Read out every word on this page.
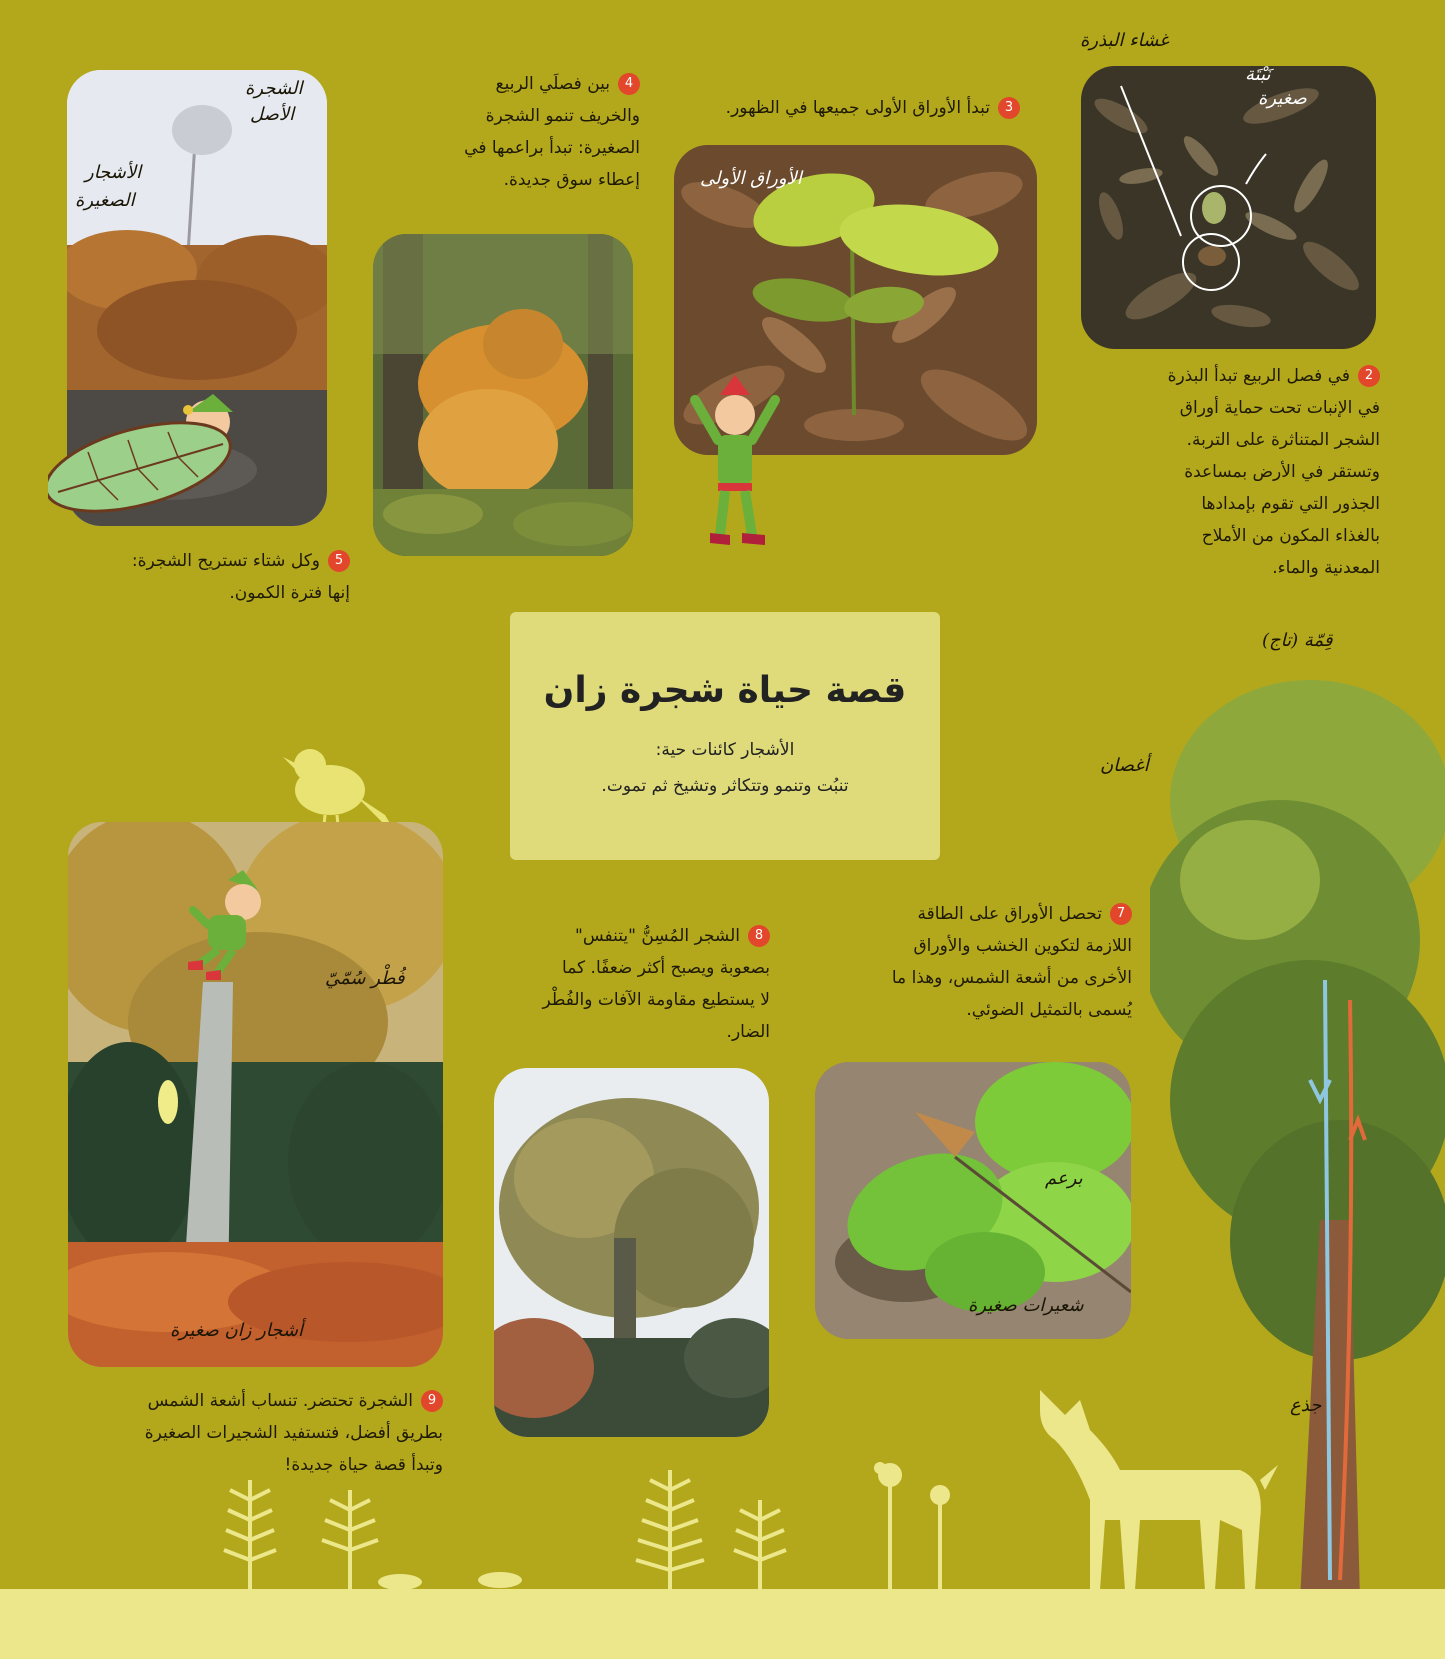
غشاء البذرة
نَبْتَة
صغيرة
2في فصل الربيع تبدأ البذرة
في الإنبات تحت حماية أوراق
الشجر المتناثرة على التربة.
وتستقر في الأرض بمساعدة
الجذور التي تقوم بإمدادها
بالغذاء المكون من الأملاح
المعدنية والماء.
3تبدأ الأوراق الأولى جميعها في الظهور.
الأوراق الأولى
4بين فصلَي الربيع
والخريف تنمو الشجرة
الصغيرة: تبدأ براعمها في
إعطاء سوق جديدة.
الشجرة
الأصل
الأشجار
الصغيرة
5وكل شتاء تستريح الشجرة:
إنها فترة الكمون.
قصة حياة شجرة زان
الأشجار كائنات حية:
تنبُت وتنمو وتتكاثر وتشيخ ثم تموت.
قِمّة (تاج)
أغصان
جذع
7تحصل الأوراق على الطاقة
اللازمة لتكوين الخشب والأوراق
الأخرى من أشعة الشمس، وهذا ما
يُسمى بالتمثيل الضوئي.
برعم
شعيرات صغيرة
8الشجر المُسِنُّ "يتنفس"
بصعوبة ويصبح أكثر ضعفًا. كما
لا يستطيع مقاومة الآفات والفُطْر
الضار.
فُطْر سُمّيّ
أشجار زان صغيرة
9الشجرة تحتضر. تنساب أشعة الشمس
بطريق أفضل، فتستفيد الشجيرات الصغيرة
وتبدأ قصة حياة جديدة!
